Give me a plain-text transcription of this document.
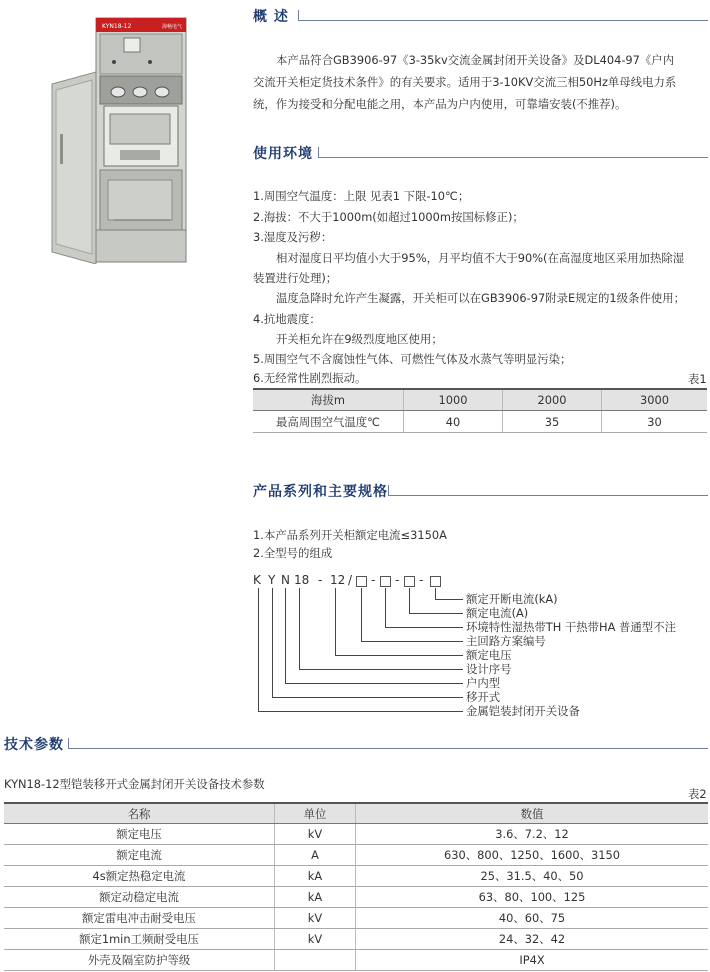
KYN18-12	海畅电气
概 述
本产品符合GB3906-97《3-35kv交流金属封闭开关设备》及DL404-97《户内
交流开关柜定货技术条件》的有关要求。适用于3-10KV交流三相50Hz单母线电力系
统，作为接受和分配电能之用，本产品为户内使用，可靠墙安装(不推荐)。
使用环境
1.周围空气温度：上限 见表1 下限-10℃；
2.海拔：不大于1000m(如超过1000m按国标修正)；
3.湿度及污秽：
相对湿度日平均值小大于95%，月平均值不大于90%(在高湿度地区采用加热除湿
装置进行处理)；
温度急降时允许产生凝露，开关柜可以在GB3906-97附录E规定的1级条件使用；
4.抗地震度：
开关柜允许在9级烈度地区使用；
5.周围空气不含腐蚀性气体、可燃性气体及水蒸气等明显污染；
6.无经常性剧烈振动。	表1
海拔m	1000	2000	3000
最高周围空气温度℃	40	35	30
产品系列和主要规格
1.本产品系列开关柜额定电流≤3150A
2.全型号的组成
K Y N 18 - 12 / - - -
额定开断电流(kA)
额定电流(A)
环境特性湿热带TH 干热带HA 普通型不注
主回路方案编号
额定电压
设计序号
户内型
移开式
金属铠装封闭开关设备
技术参数
KYN18-12型铠装移开式金属封闭开关设备技术参数
表2
名称	单位	数值
额定电压	kV	3.6、7.2、12
额定电流	A	630、800、1250、1600、3150
4s额定热稳定电流	kA	25、31.5、40、50
额定动稳定电流	kA	63、80、100、125
额定雷电冲击耐受电压	kV	40、60、75
额定1min工频耐受电压	kV	24、32、42
外壳及隔室防护等级		IP4X
